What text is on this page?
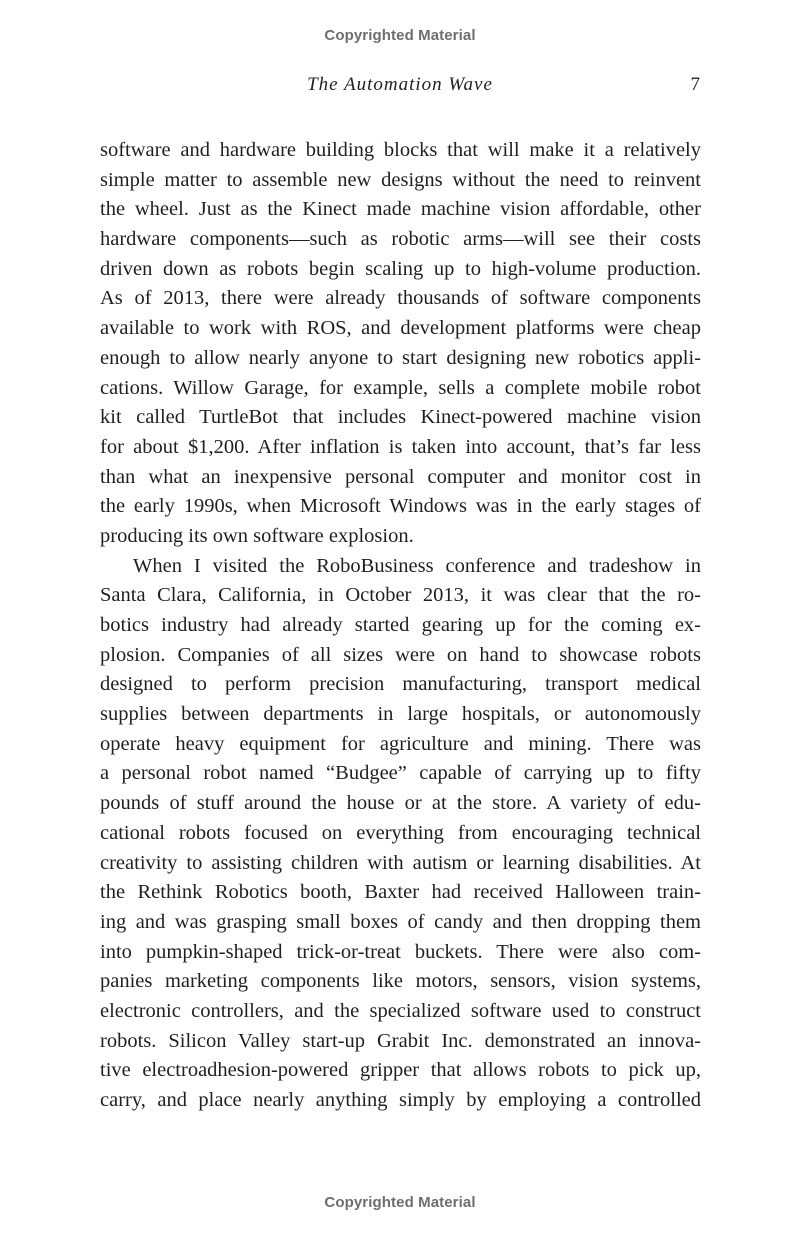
Copyrighted Material
The Automation Wave	7
software and hardware building blocks that will make it a relatively
simple matter to assemble new designs without the need to reinvent
the wheel. Just as the Kinect made machine vision affordable, other
hardware components—such as robotic arms—will see their costs
driven down as robots begin scaling up to high-volume production.
As of 2013, there were already thousands of software components
available to work with ROS, and development platforms were cheap
enough to allow nearly anyone to start designing new robotics appli-
cations. Willow Garage, for example, sells a complete mobile robot
kit called TurtleBot that includes Kinect-powered machine vision
for about $1,200. After inflation is taken into account, that’s far less
than what an inexpensive personal computer and monitor cost in
the early 1990s, when Microsoft Windows was in the early stages of
producing its own software explosion.
When I visited the RoboBusiness conference and tradeshow in
Santa Clara, California, in October 2013, it was clear that the ro-
botics industry had already started gearing up for the coming ex-
plosion. Companies of all sizes were on hand to showcase robots
designed to perform precision manufacturing, transport medical
supplies between departments in large hospitals, or autonomously
operate heavy equipment for agriculture and mining. There was
a personal robot named “Budgee” capable of carrying up to fifty
pounds of stuff around the house or at the store. A variety of edu-
cational robots focused on everything from encouraging technical
creativity to assisting children with autism or learning disabilities. At
the Rethink Robotics booth, Baxter had received Halloween train-
ing and was grasping small boxes of candy and then dropping them
into pumpkin-shaped trick-or-treat buckets. There were also com-
panies marketing components like motors, sensors, vision systems,
electronic controllers, and the specialized software used to construct
robots. Silicon Valley start-up Grabit Inc. demonstrated an innova-
tive electroadhesion-powered gripper that allows robots to pick up,
carry, and place nearly anything simply by employing a controlled
Copyrighted Material
